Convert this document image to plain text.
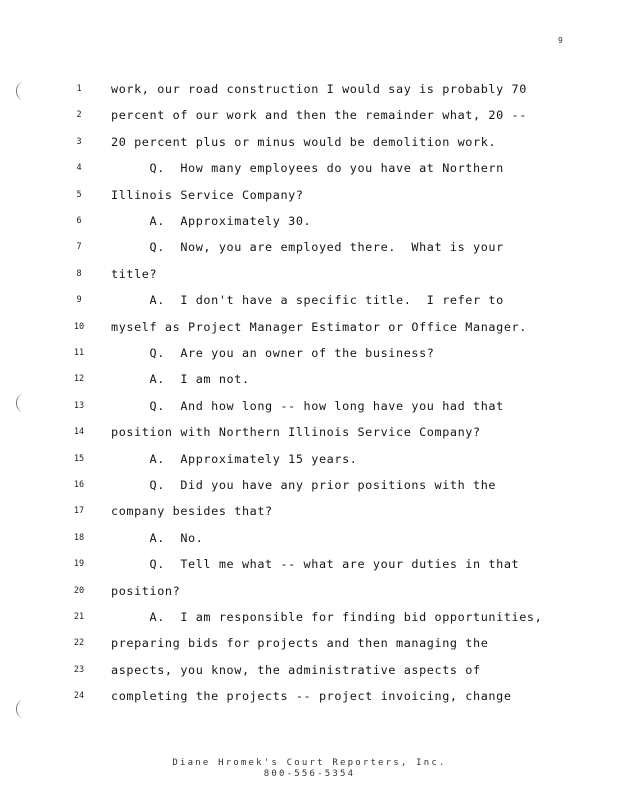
9
1	work, our road construction I would say is probably 70
2	percent of our work and then the remainder what, 20 --
3	20 percent plus or minus would be demolition work.
4	Q.  How many employees do you have at Northern
5	Illinois Service Company?
6	A.  Approximately 30.
7	Q.  Now, you are employed there.  What is your
8	title?
9	A.  I don't have a specific title.  I refer to
10	myself as Project Manager Estimator or Office Manager.
11	Q.  Are you an owner of the business?
12	A.  I am not.
13	Q.  And how long -- how long have you had that
14	position with Northern Illinois Service Company?
15	A.  Approximately 15 years.
16	Q.  Did you have any prior positions with the
17	company besides that?
18	A.  No.
19	Q.  Tell me what -- what are your duties in that
20	position?
21	A.  I am responsible for finding bid opportunities,
22	preparing bids for projects and then managing the
23	aspects, you know, the administrative aspects of
24	completing the projects -- project invoicing, change
Diane Hromek's Court Reporters, Inc.
800-556-5354
